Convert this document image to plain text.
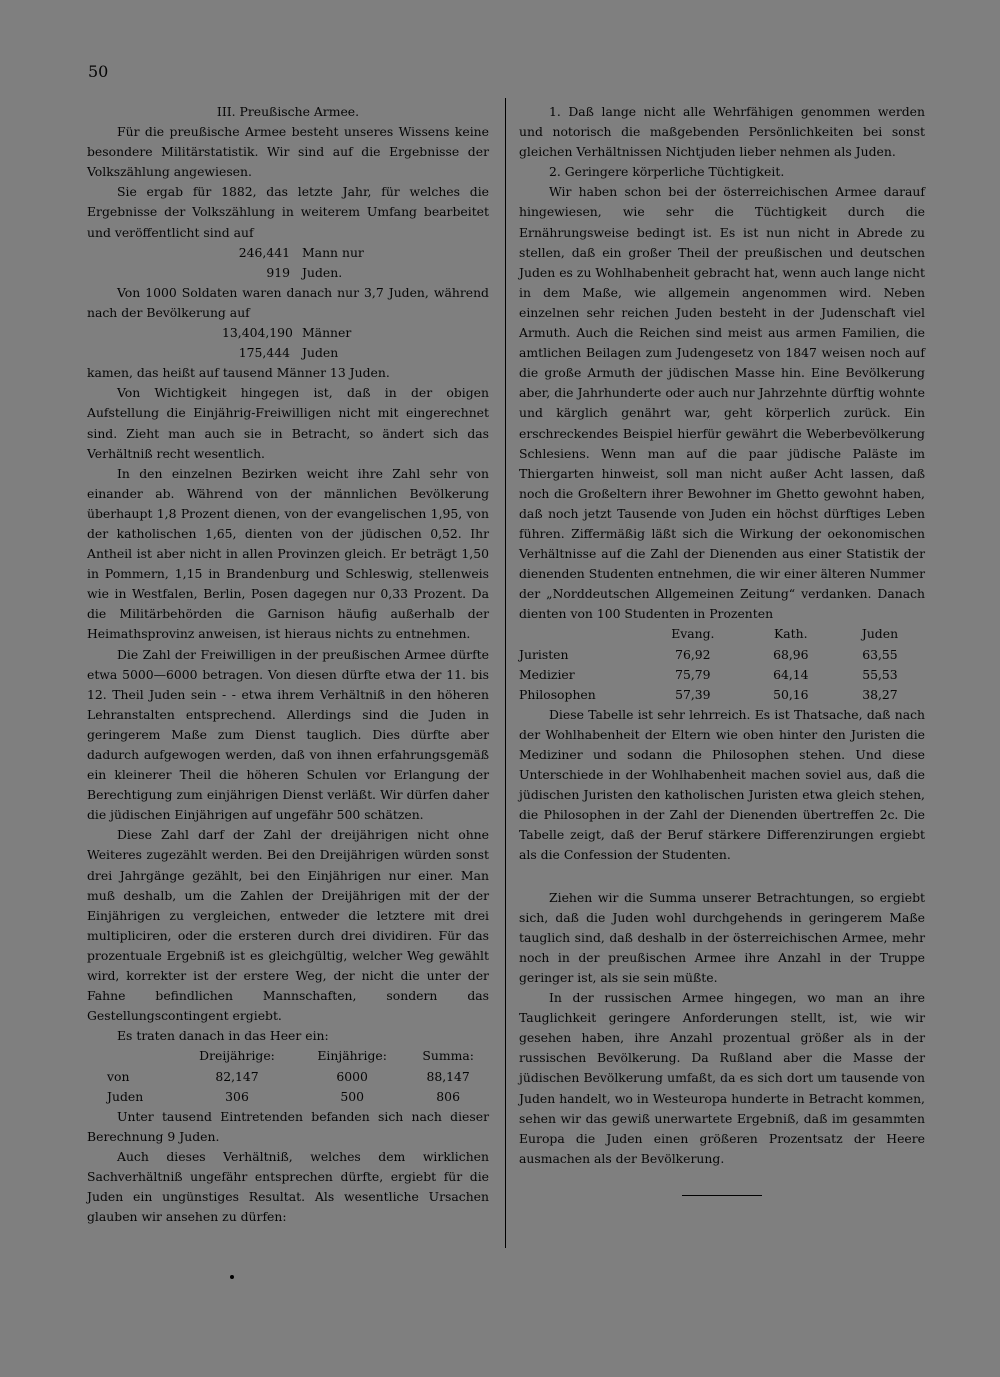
50

III. Preußische Armee.

Für die preußische Armee besteht unseres Wissens keine besondere Militärstatistik. Wir sind auf die Ergebnisse der Volkszählung angewiesen.

Sie ergab für 1882, das letzte Jahr, für welches die Ergebnisse der Volkszählung in weiterem Umfang bearbeitet und veröffentlicht sind auf

246,441 Mann nur
919 Juden.

Von 1000 Soldaten waren danach nur 3,7 Juden, während nach der Bevölkerung auf

13,404,190 Männer
175,444 Juden

kamen, das heißt auf tausend Männer 13 Juden.

Von Wichtigkeit hingegen ist, daß in der obigen Aufstellung die Einjährig-Freiwilligen nicht mit eingerechnet sind. Zieht man auch sie in Betracht, so ändert sich das Verhältniß recht wesentlich.

In den einzelnen Bezirken weicht ihre Zahl sehr von einander ab. Während von der männlichen Bevölkerung überhaupt 1,8 Prozent dienen, von der evangelischen 1,95, von der katholischen 1,65, dienten von der jüdischen 0,52. Ihr Antheil ist aber nicht in allen Provinzen gleich. Er beträgt 1,50 in Pommern, 1,15 in Brandenburg und Schleswig, stellenweis wie in Westfalen, Berlin, Posen dagegen nur 0,33 Prozent. Da die Militärbehörden die Garnison häufig außerhalb der Heimathsprovinz anweisen, ist hieraus nichts zu entnehmen.

Die Zahl der Freiwilligen in der preußischen Armee dürfte etwa 5000—6000 betragen. Von diesen dürfte etwa der 11. bis 12. Theil Juden sein - - etwa ihrem Verhältniß in den höheren Lehranstalten entsprechend. Allerdings sind die Juden in geringerem Maße zum Dienst tauglich. Dies dürfte aber dadurch aufgewogen werden, daß von ihnen erfahrungsgemäß ein kleinerer Theil die höheren Schulen vor Erlangung der Berechtigung zum einjährigen Dienst verläßt. Wir dürfen daher die jüdischen Einjährigen auf ungefähr 500 schätzen.

Diese Zahl darf der Zahl der dreijährigen nicht ohne Weiteres zugezählt werden. Bei den Dreijährigen würden sonst drei Jahrgänge gezählt, bei den Einjährigen nur einer. Man muß deshalb, um die Zahlen der Dreijährigen mit der der Einjährigen zu vergleichen, entweder die letztere mit drei multipliciren, oder die ersteren durch drei dividiren. Für das prozentuale Ergebniß ist es gleichgültig, welcher Weg gewählt wird, korrekter ist der erstere Weg, der nicht die unter der Fahne befindlichen Mannschaften, sondern das Gestellungscontingent ergiebt.

Es traten danach in das Heer ein:

	Dreijährige:	Einjährige:	Summa:
von	82,147	6000	88,147
Juden	306	500	806

Unter tausend Eintretenden befanden sich nach dieser Berechnung 9 Juden.

Auch dieses Verhältniß, welches dem wirklichen Sachverhältniß ungefähr entsprechen dürfte, ergiebt für die Juden ein ungünstiges Resultat. Als wesentliche Ursachen glauben wir ansehen zu dürfen:

1. Daß lange nicht alle Wehrfähigen genommen werden und notorisch die maßgebenden Persönlichkeiten bei sonst gleichen Verhältnissen Nichtjuden lieber nehmen als Juden.

2. Geringere körperliche Tüchtigkeit.

Wir haben schon bei der österreichischen Armee darauf hingewiesen, wie sehr die Tüchtigkeit durch die Ernährungsweise bedingt ist. Es ist nun nicht in Abrede zu stellen, daß ein großer Theil der preußischen und deutschen Juden es zu Wohlhabenheit gebracht hat, wenn auch lange nicht in dem Maße, wie allgemein angenommen wird. Neben einzelnen sehr reichen Juden besteht in der Judenschaft viel Armuth. Auch die Reichen sind meist aus armen Familien, die amtlichen Beilagen zum Judengesetz von 1847 weisen noch auf die große Armuth der jüdischen Masse hin. Eine Bevölkerung aber, die Jahrhunderte oder auch nur Jahrzehnte dürftig wohnte und kärglich genährt war, geht körperlich zurück. Ein erschreckendes Beispiel hierfür gewährt die Weberbevölkerung Schlesiens. Wenn man auf die paar jüdische Paläste im Thiergarten hinweist, soll man nicht außer Acht lassen, daß noch die Großeltern ihrer Bewohner im Ghetto gewohnt haben, daß noch jetzt Tausende von Juden ein höchst dürftiges Leben führen. Ziffermäßig läßt sich die Wirkung der oekonomischen Verhältnisse auf die Zahl der Dienenden aus einer Statistik der dienenden Studenten entnehmen, die wir einer älteren Nummer der „Norddeutschen Allgemeinen Zeitung“ verdanken. Danach dienten von 100 Studenten in Prozenten

	Evang.	Kath.	Juden
Juristen	76,92	68,96	63,55
Medizier	75,79	64,14	55,53
Philosophen	57,39	50,16	38,27

Diese Tabelle ist sehr lehrreich. Es ist Thatsache, daß nach der Wohlhabenheit der Eltern wie oben hinter den Juristen die Mediziner und sodann die Philosophen stehen. Und diese Unterschiede in der Wohlhabenheit machen soviel aus, daß die jüdischen Juristen den katholischen Juristen etwa gleich stehen, die Philosophen in der Zahl der Dienenden übertreffen 2c. Die Tabelle zeigt, daß der Beruf stärkere Differenzirungen ergiebt als die Confession der Studenten.

Ziehen wir die Summa unserer Betrachtungen, so ergiebt sich, daß die Juden wohl durchgehends in geringerem Maße tauglich sind, daß deshalb in der österreichischen Armee, mehr noch in der preußischen Armee ihre Anzahl in der Truppe geringer ist, als sie sein müßte.

In der russischen Armee hingegen, wo man an ihre Tauglichkeit geringere Anforderungen stellt, ist, wie wir gesehen haben, ihre Anzahl prozentual größer als in der russischen Bevölkerung. Da Rußland aber die Masse der jüdischen Bevölkerung umfaßt, da es sich dort um tausende von Juden handelt, wo in Westeuropa hunderte in Betracht kommen, sehen wir das gewiß unerwartete Ergebniß, daß im gesammten Europa die Juden einen größeren Prozentsatz der Heere ausmachen als der Bevölkerung.
